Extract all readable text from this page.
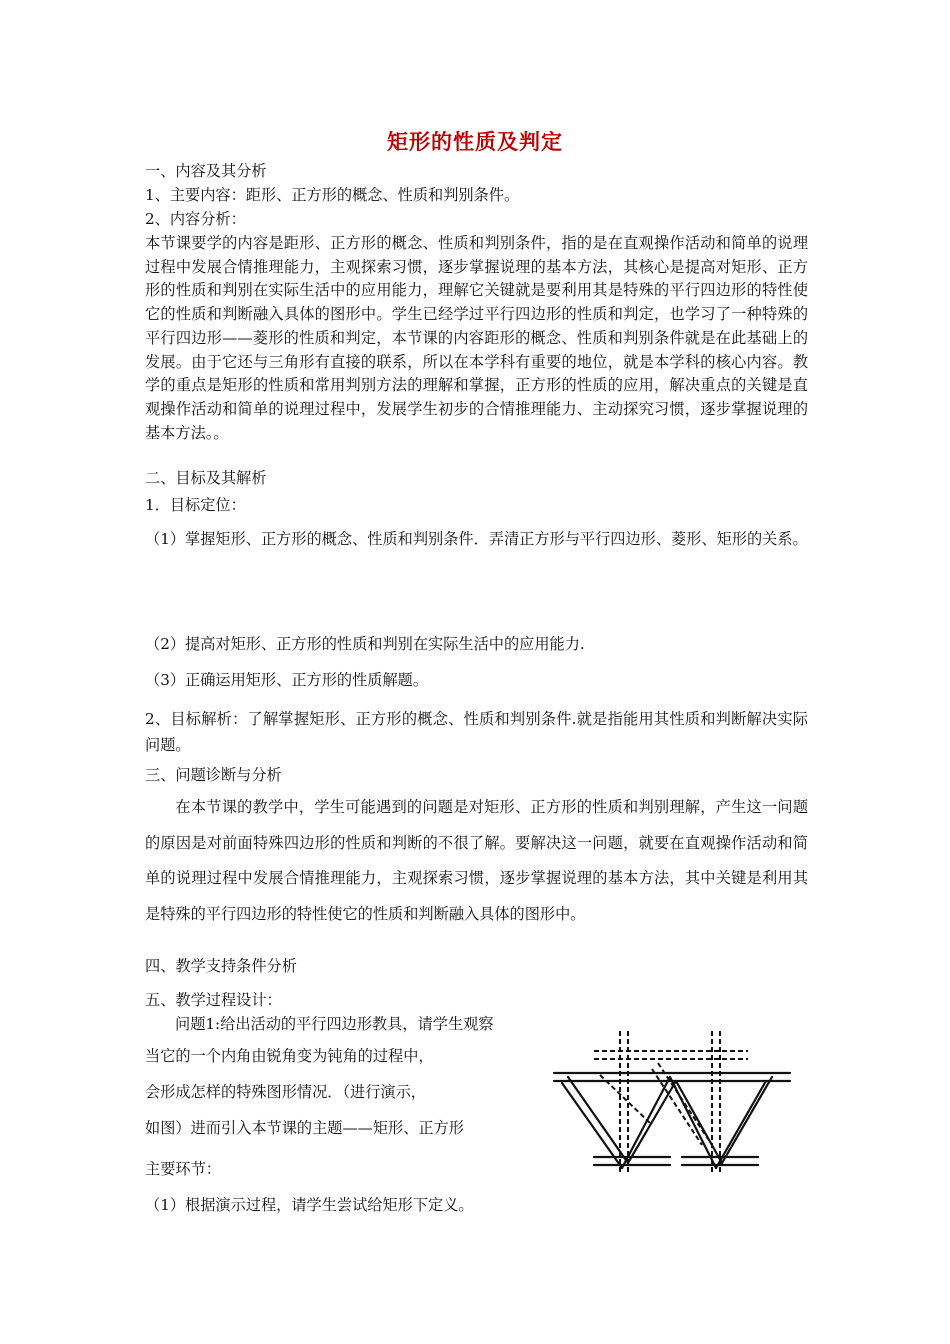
矩形的性质及判定
一、内容及其分析
1、主要内容：距形、正方形的概念、性质和判别条件。
2、内容分析：
本节课要学的内容是距形、正方形的概念、性质和判别条件，指的是在直观操作活动和简单的说理过程中发展合情推理能力，主观探索习惯，逐步掌握说理的基本方法，其核心是提高对矩形、正方形的性质和判别在实际生活中的应用能力，理解它关键就是要利用其是特殊的平行四边形的特性使它的性质和判断融入具体的图形中。学生已经学过平行四边形的性质和判定，也学习了一种特殊的平行四边形——菱形的性质和判定，本节课的内容距形的概念、性质和判别条件就是在此基础上的发展。由于它还与三角形有直接的联系，所以在本学科有重要的地位，就是本学科的核心内容。教学的重点是矩形的性质和常用判别方法的理解和掌握，正方形的性质的应用，解决重点的关键是直观操作活动和简单的说理过程中，发展学生初步的合情推理能力、主动探究习惯，逐步掌握说理的基本方法。。
二、目标及其解析
1．目标定位：
（1）掌握矩形、正方形的概念、性质和判别条件．弄清正方形与平行四边形、菱形、矩形的关系。
（2）提高对矩形、正方形的性质和判别在实际生活中的应用能力.
（3）正确运用矩形、正方形的性质解题。
2、目标解析：了解掌握矩形、正方形的概念、性质和判别条件.就是指能用其性质和判断解决实际问题。
三、问题诊断与分析
在本节课的教学中，学生可能遇到的问题是对矩形、正方形的性质和判别理解，产生这一问题的原因是对前面特殊四边形的性质和判断的不很了解。要解决这一问题，就要在直观操作活动和简单的说理过程中发展合情推理能力，主观探索习惯，逐步掌握说理的基本方法，其中关键是利用其是特殊的平行四边形的特性使它的性质和判断融入具体的图形中。
四、教学支持条件分析
五、教学过程设计：
问题1:给出活动的平行四边形教具，请学生观察
当它的一个内角由锐角变为钝角的过程中，
会形成怎样的特殊图形情况．（进行演示，
如图）进而引入本节课的主题——矩形、正方形
主要环节：
（1）根据演示过程，请学生尝试给矩形下定义。
